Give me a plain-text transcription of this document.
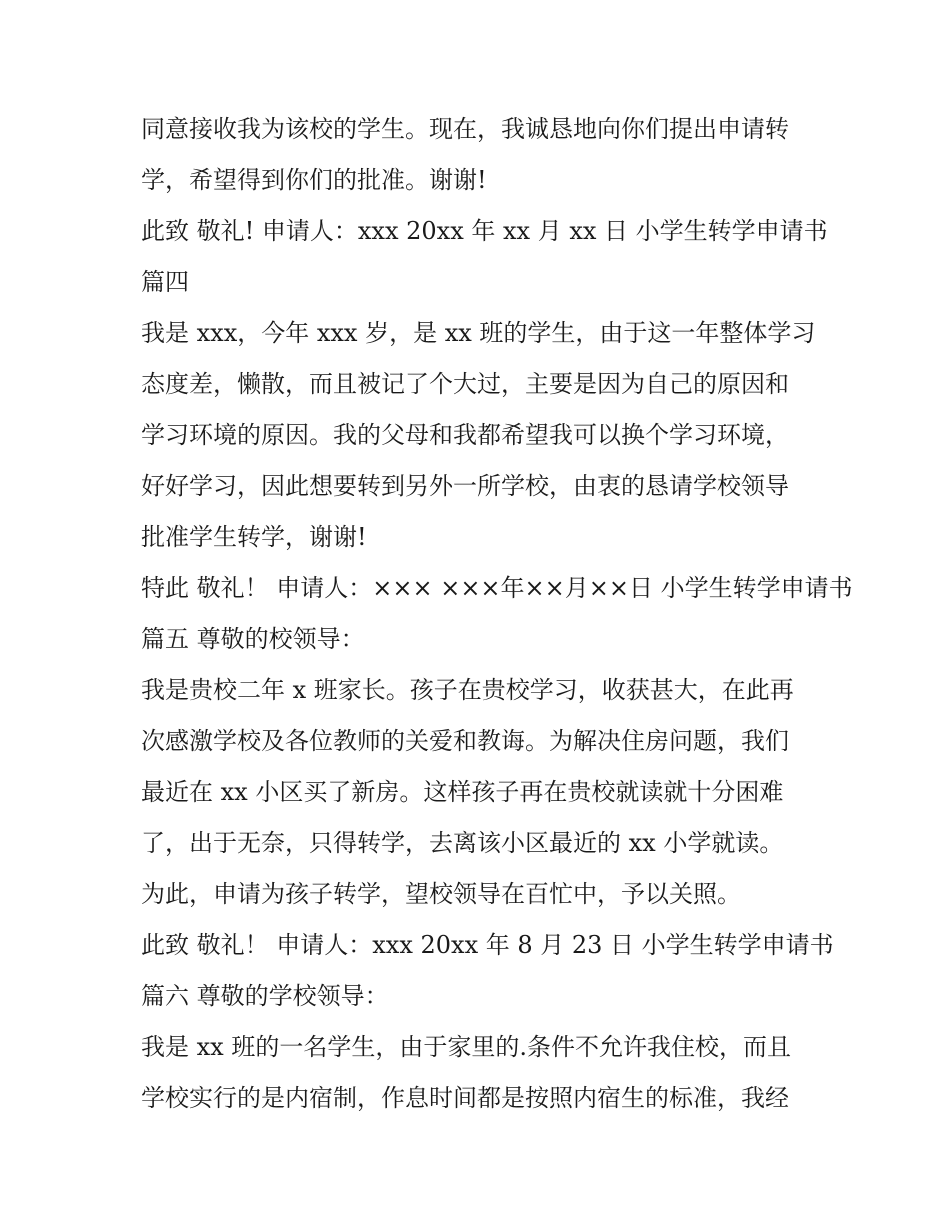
同意接收我为该校的学生。现在，我诚恳地向你们提出申请转

学，希望得到你们的批准。谢谢!

此致 敬礼! 申请人：xxx 20xx 年 xx 月 xx 日 小学生转学申请书

篇四

我是 xxx，今年 xxx 岁，是 xx 班的学生，由于这一年整体学习

态度差，懒散，而且被记了个大过，主要是因为自己的原因和

学习环境的原因。我的父母和我都希望我可以换个学习环境，

好好学习，因此想要转到另外一所学校，由衷的恳请学校领导

批准学生转学，谢谢!

特此 敬礼！ 申请人：××× ×××年××月××日 小学生转学申请书

篇五 尊敬的校领导：

我是贵校二年 x 班家长。孩子在贵校学习，收获甚大，在此再

次感激学校及各位教师的关爱和教诲。为解决住房问题，我们

最近在 xx 小区买了新房。这样孩子再在贵校就读就十分困难

了，出于无奈，只得转学，去离该小区最近的 xx 小学就读。

为此，申请为孩子转学，望校领导在百忙中，予以关照。

此致 敬礼！ 申请人：xxx 20xx 年 8 月 23 日 小学生转学申请书

篇六 尊敬的学校领导：

我是 xx 班的一名学生，由于家里的.条件不允许我住校，而且

学校实行的是内宿制，作息时间都是按照内宿生的标准，我经
